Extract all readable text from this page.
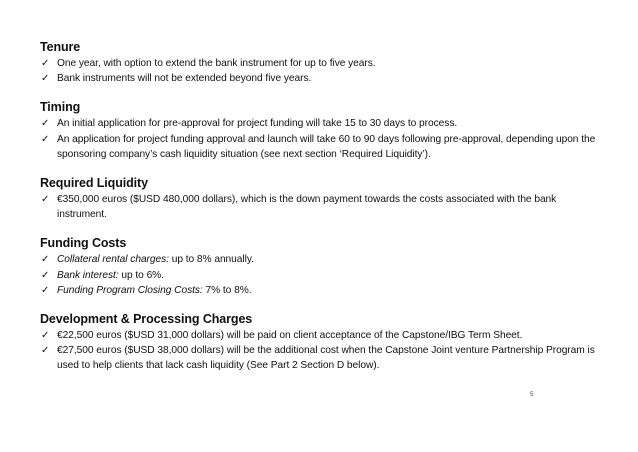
Tenure
✓ One year, with option to extend the bank instrument for up to five years.
✓ Bank instruments will not be extended beyond five years.
Timing
✓ An initial application for pre-approval for project funding will take 15 to 30 days to process.
✓ An application for project funding approval and launch will take 60 to 90 days following pre-approval, depending upon the sponsoring company’s cash liquidity situation (see next section ‘Required Liquidity’).
Required Liquidity
✓ €350,000 euros ($USD 480,000 dollars), which is the down payment towards the costs associated with the bank instrument.
Funding Costs
✓ Collateral rental charges: up to 8% annually.
✓ Bank interest: up to 6%.
✓ Funding Program Closing Costs: 7% to 8%.
Development & Processing Charges
✓ €22,500 euros ($USD 31,000 dollars) will be paid on client acceptance of the Capstone/IBG Term Sheet.
✓ €27,500 euros ($USD 38,000 dollars) will be the additional cost when the Capstone Joint venture Partnership Program is used to help clients that lack cash liquidity (See Part 2 Section D below).
5
